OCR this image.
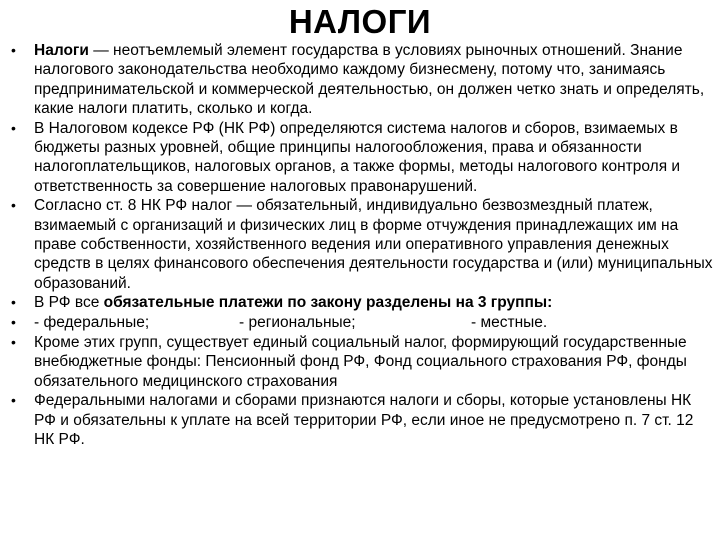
НАЛОГИ
• Налоги — неотъемлемый элемент государства в условиях рыночных отношений. Знание налогового законодательства необходимо каждому бизнесмену, потому что, занимаясь предпринимательской и коммерческой деятельностью, он должен четко знать и определять, какие налоги платить, сколько и когда.
• В Налоговом кодексе РФ (НК РФ) определяются система налогов и сборов, взимаемых в бюджеты разных уровней, общие принципы налогообложения, права и обязанности налогоплательщиков, налоговых органов, а также формы, методы налогового контроля и ответственность за совершение налоговых правонарушений.
• Согласно ст. 8 НК РФ налог — обязательный, индивидуально безвозмездный платеж, взимаемый с организаций и физических лиц в форме отчуждения принадлежащих им на праве собственности, хозяйственного ведения или оперативного управления денежных средств в целях финансового обеспечения деятельности государства и (или) муниципальных образований.
• В РФ все обязательные платежи по закону разделены на 3 группы:
• - федеральные;	- региональные;	- местные.
• Кроме этих групп, существует единый социальный налог, формирующий государственные внебюджетные фонды: Пенсионный фонд РФ, Фонд социального страхования РФ, фонды обязательного медицинского страхования
• Федеральными налогами и сборами признаются налоги и сборы, которые установлены НК РФ и обязательны к уплате на всей территории РФ, если иное не предусмотрено п. 7 ст. 12 НК РФ.
